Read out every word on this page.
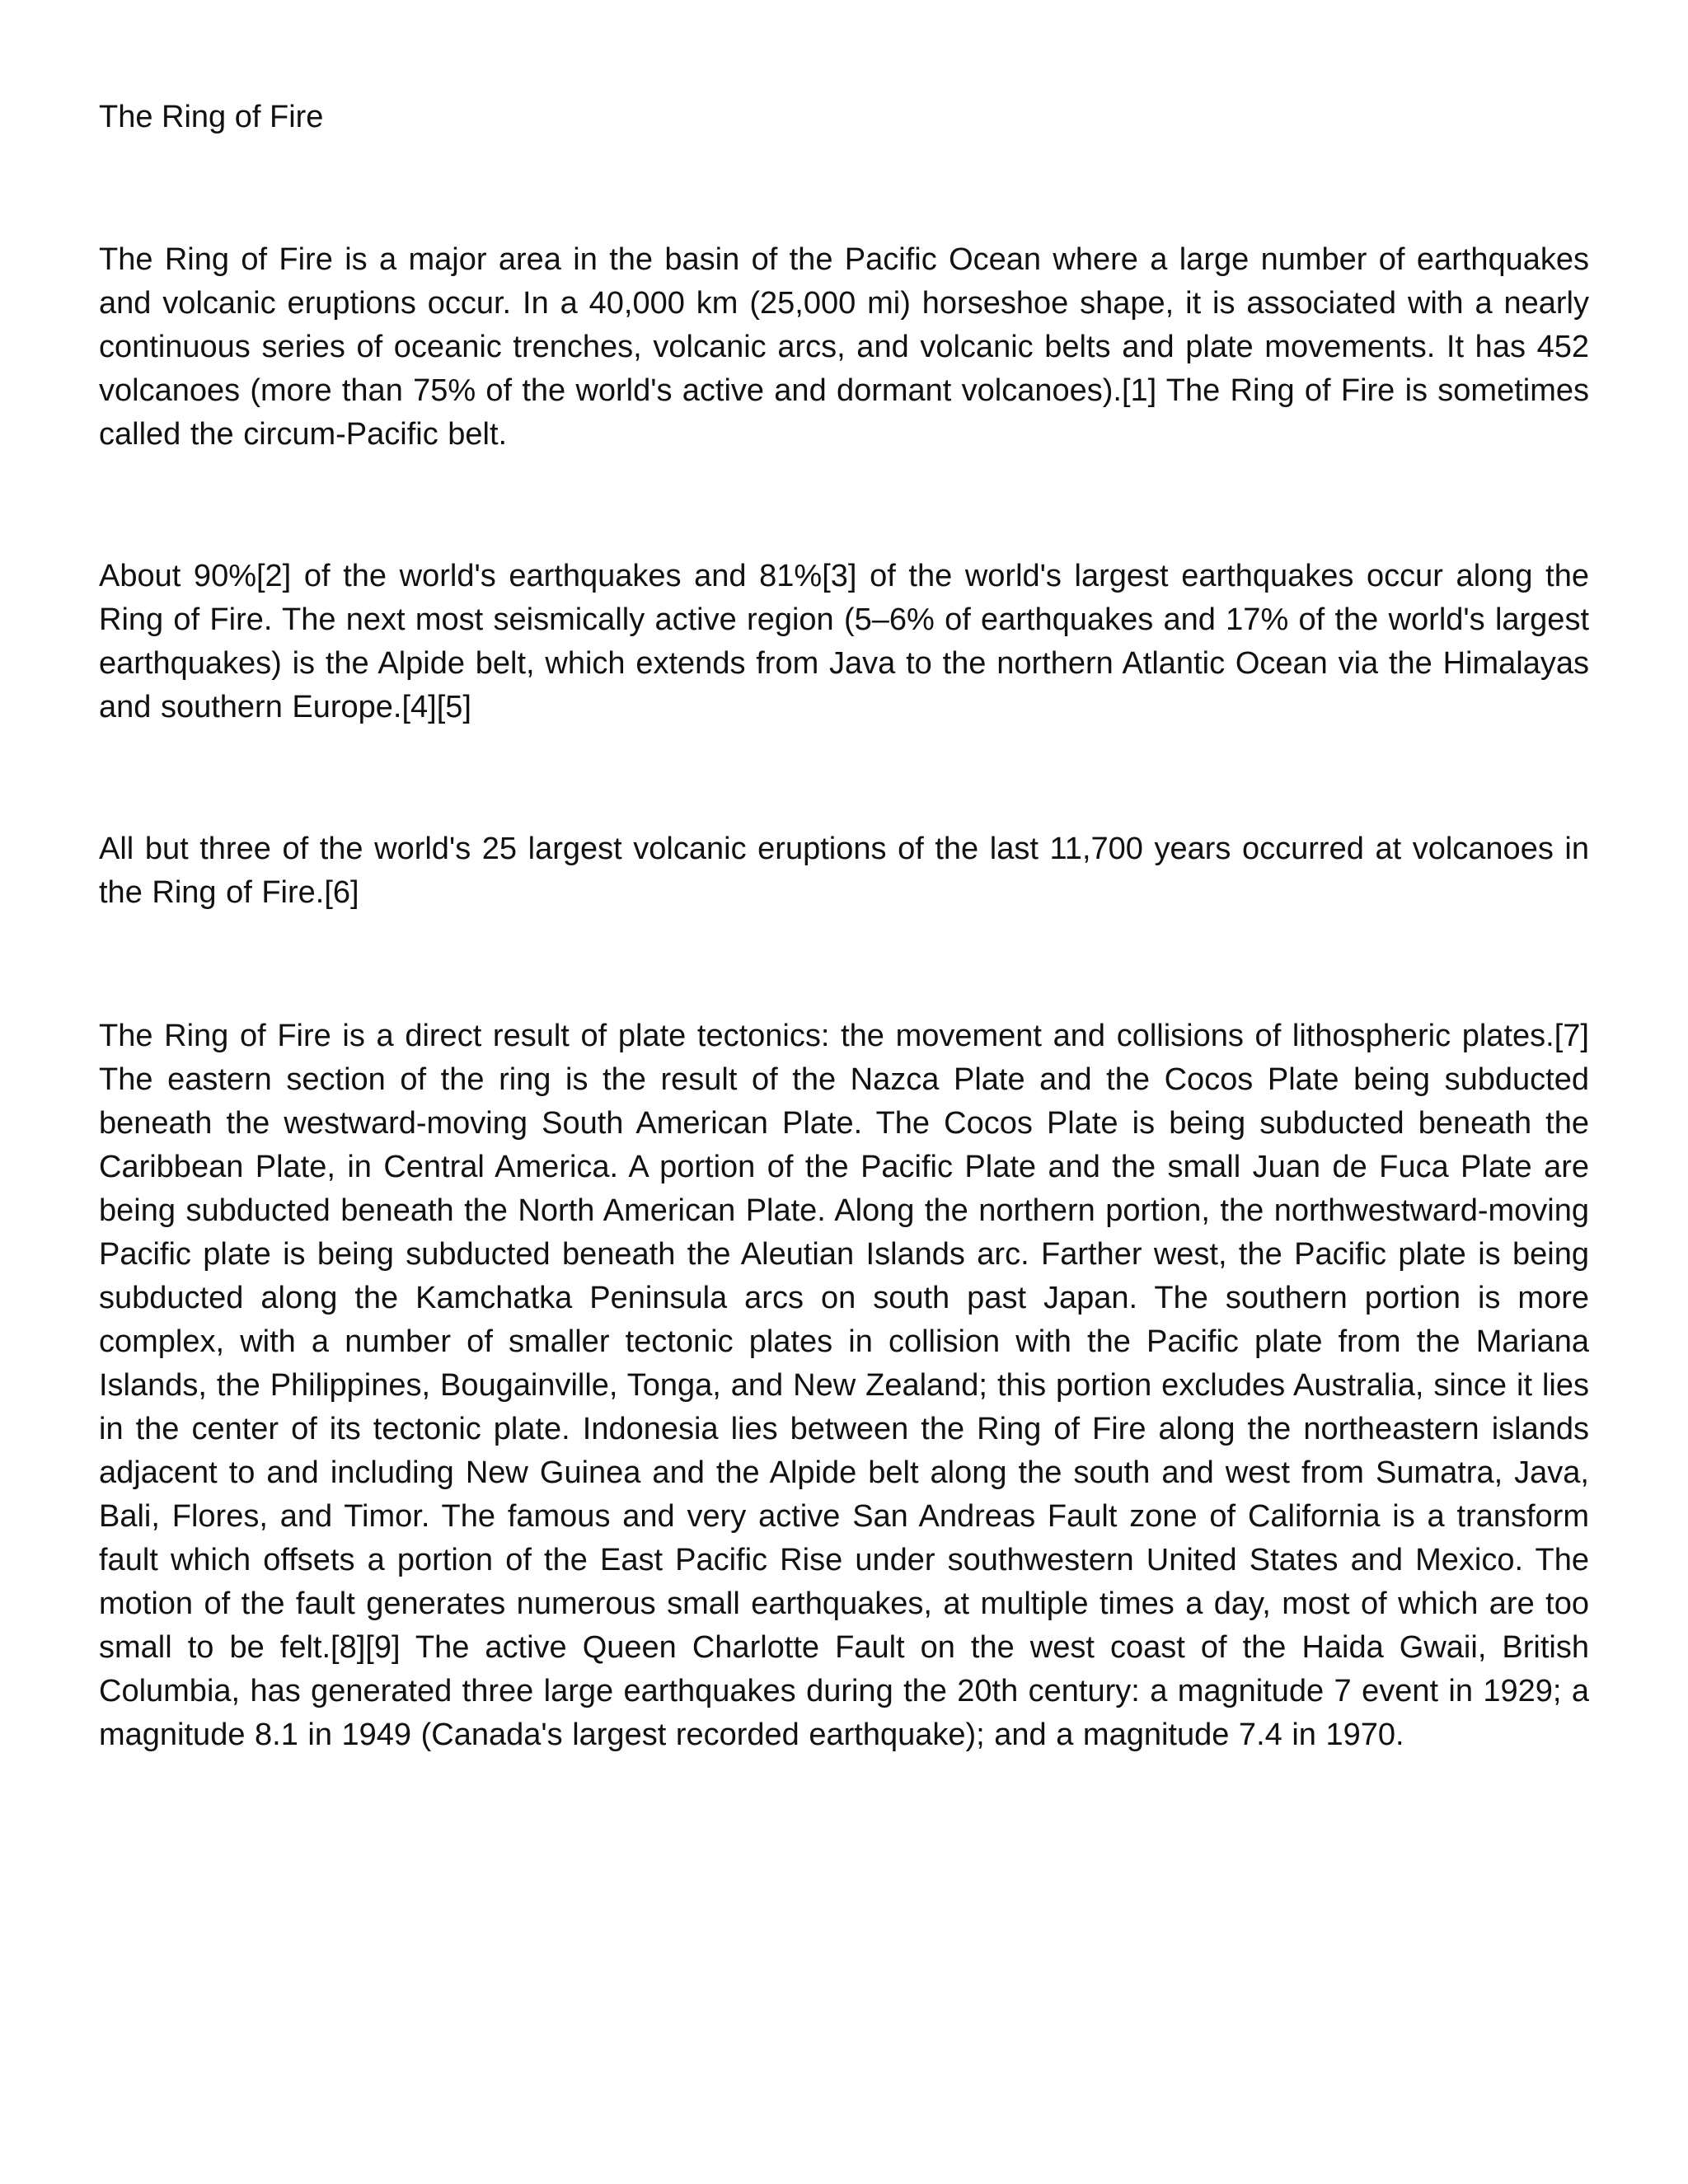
The Ring of Fire

The Ring of Fire is a major area in the basin of the Pacific Ocean where a large number of earthquakes and volcanic eruptions occur. In a 40,000 km (25,000 mi) horseshoe shape, it is associated with a nearly continuous series of oceanic trenches, volcanic arcs, and volcanic belts and plate movements. It has 452 volcanoes (more than 75% of the world's active and dormant volcanoes).[1] The Ring of Fire is sometimes called the circum-Pacific belt.

About 90%[2] of the world's earthquakes and 81%[3] of the world's largest earthquakes occur along the Ring of Fire. The next most seismically active region (5–6% of earthquakes and 17% of the world's largest earthquakes) is the Alpide belt, which extends from Java to the northern Atlantic Ocean via the Himalayas and southern Europe.[4][5]

All but three of the world's 25 largest volcanic eruptions of the last 11,700 years occurred at volcanoes in the Ring of Fire.[6]

The Ring of Fire is a direct result of plate tectonics: the movement and collisions of lithospheric plates.[7] The eastern section of the ring is the result of the Nazca Plate and the Cocos Plate being subducted beneath the westward-moving South American Plate. The Cocos Plate is being subducted beneath the Caribbean Plate, in Central America. A portion of the Pacific Plate and the small Juan de Fuca Plate are being subducted beneath the North American Plate. Along the northern portion, the northwestward-moving Pacific plate is being subducted beneath the Aleutian Islands arc. Farther west, the Pacific plate is being subducted along the Kamchatka Peninsula arcs on south past Japan. The southern portion is more complex, with a number of smaller tectonic plates in collision with the Pacific plate from the Mariana Islands, the Philippines, Bougainville, Tonga, and New Zealand; this portion excludes Australia, since it lies in the center of its tectonic plate. Indonesia lies between the Ring of Fire along the northeastern islands adjacent to and including New Guinea and the Alpide belt along the south and west from Sumatra, Java, Bali, Flores, and Timor. The famous and very active San Andreas Fault zone of California is a transform fault which offsets a portion of the East Pacific Rise under southwestern United States and Mexico. The motion of the fault generates numerous small earthquakes, at multiple times a day, most of which are too small to be felt.[8][9] The active Queen Charlotte Fault on the west coast of the Haida Gwaii, British Columbia, has generated three large earthquakes during the 20th century: a magnitude 7 event in 1929; a magnitude 8.1 in 1949 (Canada's largest recorded earthquake); and a magnitude 7.4 in 1970.
